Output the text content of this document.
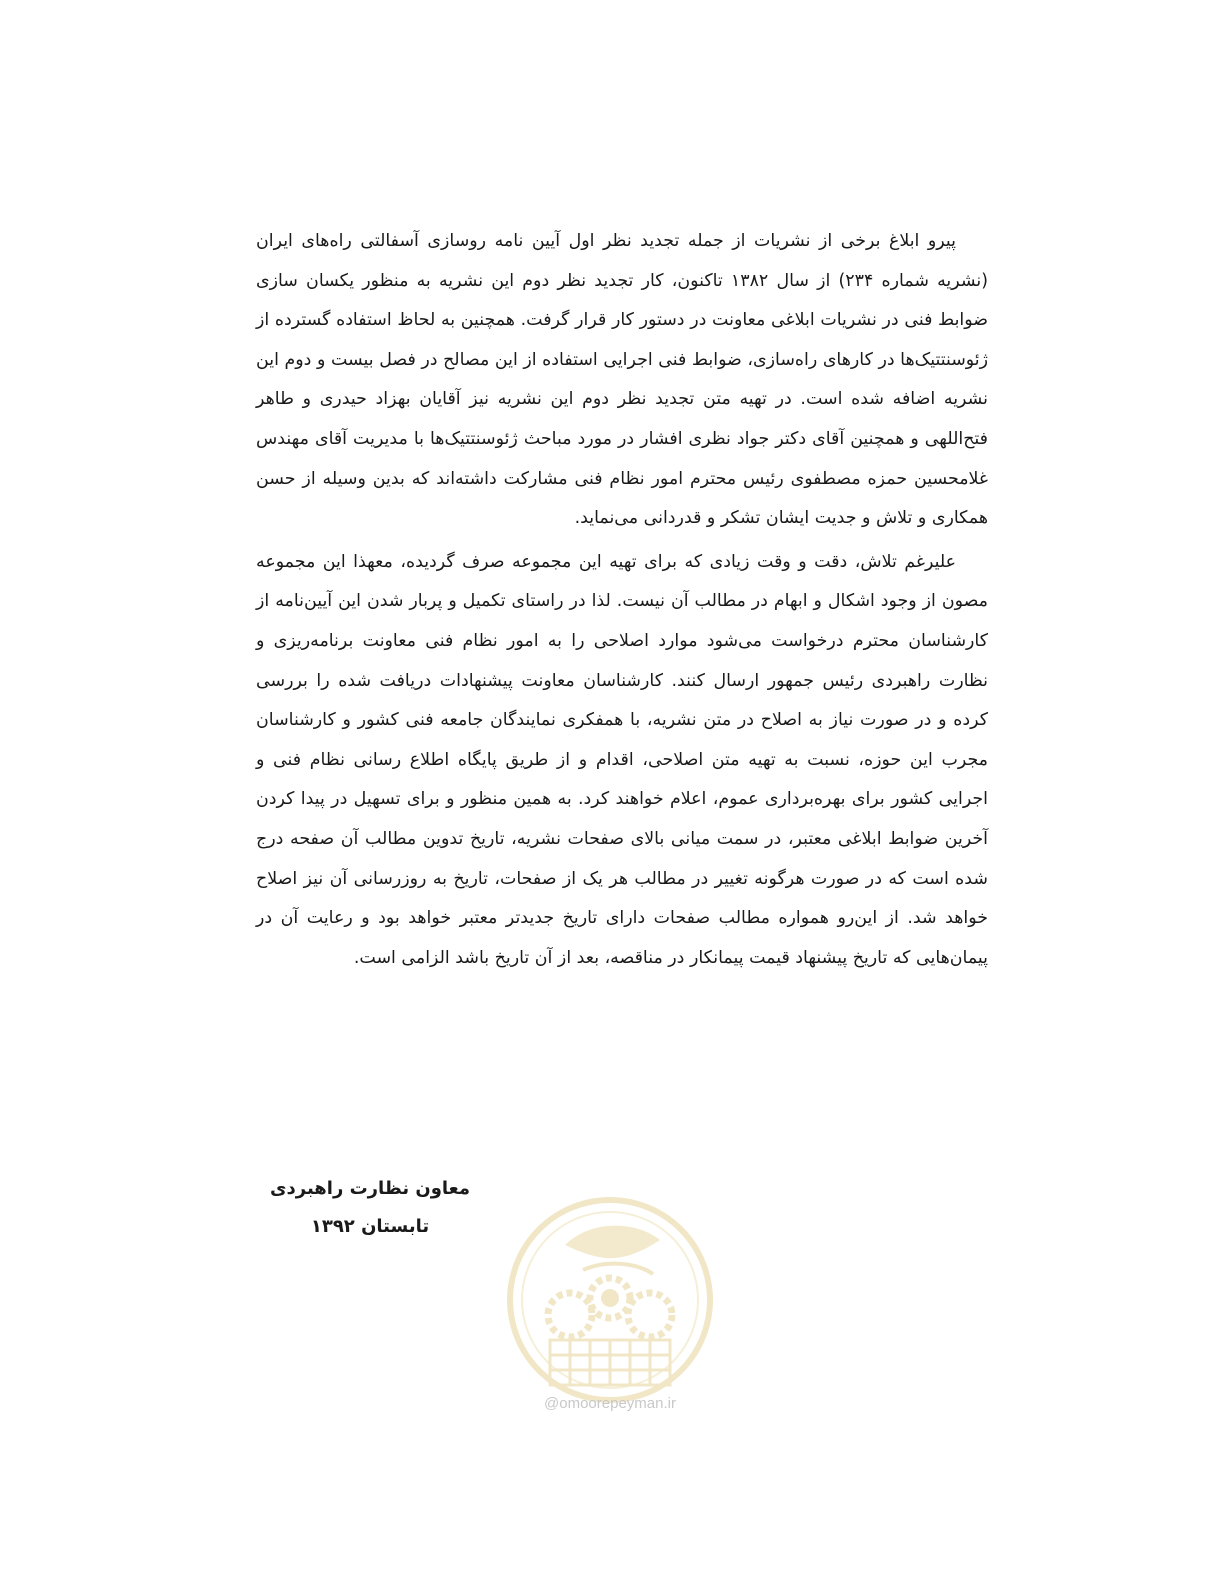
پیرو ابلاغ برخی از نشریات از جمله تجدید نظر اول آیین نامه روسازی آسفالتی راه‌های ایران (نشریه شماره ۲۳۴) از سال ۱۳۸۲ تاکنون، کار تجدید نظر دوم این نشریه به منظور یکسان سازی ضوابط فنی در نشریات ابلاغی معاونت در دستور کار قرار گرفت. همچنین به لحاظ استفاده گسترده از ژئوسنتتیک‌ها در کارهای راه‌سازی، ضوابط فنی اجرایی استفاده از این مصالح در فصل بیست و دوم این نشریه اضافه شده است. در تهیه متن تجدید نظر دوم این نشریه نیز آقایان بهزاد حیدری و طاهر فتح‌اللهی و همچنین آقای دکتر جواد نظری افشار در مورد مباحث ژئوسنتتیک‌ها با مدیریت آقای مهندس غلامحسین حمزه مصطفوی رئیس محترم امور نظام فنی مشارکت داشته‌اند که بدین وسیله از حسن همکاری و تلاش و جدیت ایشان تشکر و قدردانی می‌نماید.

علیرغم تلاش، دقت و وقت زیادی که برای تهیه این مجموعه صرف گردیده، معهذا این مجموعه مصون از وجود اشکال و ابهام در مطالب آن نیست. لذا در راستای تکمیل و پربار شدن این آیین‌نامه از کارشناسان محترم درخواست می‌شود موارد اصلاحی را به امور نظام فنی معاونت برنامه‌ریزی و نظارت راهبردی رئیس جمهور ارسال کنند. کارشناسان معاونت پیشنهادات دریافت شده را بررسی کرده و در صورت نیاز به اصلاح در متن نشریه، با همفکری نمایندگان جامعه فنی کشور و کارشناسان مجرب این حوزه، نسبت به تهیه متن اصلاحی، اقدام و از طریق پایگاه اطلاع رسانی نظام فنی و اجرایی کشور برای بهره‌برداری عموم، اعلام خواهند کرد. به همین منظور و برای تسهیل در پیدا کردن آخرین ضوابط ابلاغی معتبر، در سمت میانی بالای صفحات نشریه، تاریخ تدوین مطالب آن صفحه درج شده است که در صورت هرگونه تغییر در مطالب هر یک از صفحات، تاریخ به روزرسانی آن نیز اصلاح خواهد شد. از این‌رو همواره مطالب صفحات دارای تاریخ جدیدتر معتبر خواهد بود و رعایت آن در پیمان‌هایی که تاریخ پیشنهاد قیمت پیمانکار در مناقصه، بعد از آن تاریخ باشد الزامی است.

معاون نظارت راهبردی
تابستان ۱۳۹۲
@omoorepeyman.ir
